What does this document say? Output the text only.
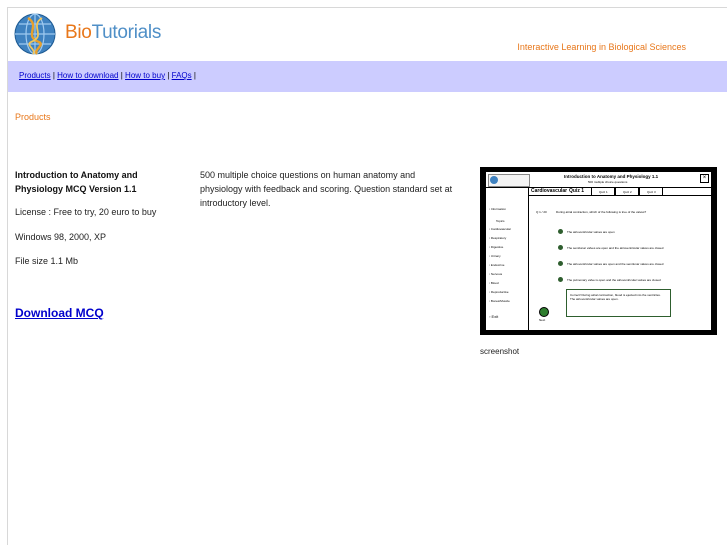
BioTutorials
Interactive Learning in Biological Sciences
Products | How to download | How to buy | FAQs |
Products
Introduction to Anatomy and Physiology MCQ Version 1.1
License : Free to try, 20 euro to buy
Windows 98, 2000, XP
File size 1.1 Mb
Download MCQ
500 multiple choice questions on human anatomy and physiology with feedback and scoring. Question standard set at introductory level.
Introduction to Anatomy and Physiology 1.1
500 multiple choice questions
×
Cardiovascular Quiz 1	Quiz 1	Quiz 2	Quiz 3
▫ Information
Topics
▫ Cardiovascular
▫ Respiratory
▫ Digestive
▫ Urinary
▫ Endocrine
▫ Nervous
▫ Blood
▫ Reproductive
▫ Bones/Muscle
▫ Exit
Q 1 / 20	During atrial contraction, which of the following is true of the valves?
The atrioventricular valves are open
The semilunar valves are open and the atrioventricular valves are closed
The atrioventricular valves are open and the semilunar valves are closed
The pulmonary valve is open and the atrioventricular valves are closed
Correct! During atrial contraction, blood is ejected into the ventricles. The atrioventricular valves are open.
Next
screenshot
